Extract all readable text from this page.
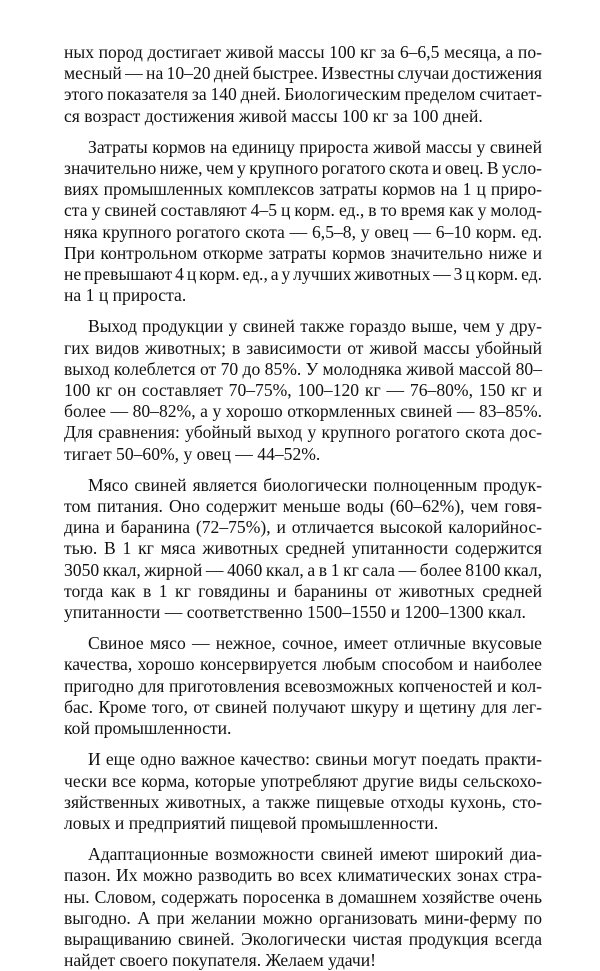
ных пород достигает живой массы 100 кг за 6–6,5 месяца, а по-
месный — на 10–20 дней быстрее. Известны случаи достижения
этого показателя за 140 дней. Биологическим пределом считает-
ся возраст достижения живой массы 100 кг за 100 дней.
Затраты кормов на единицу прироста живой массы у свиней
значительно ниже, чем у крупного рогатого скота и овец. В усло-
виях промышленных комплексов затраты кормов на 1 ц приро-
ста у свиней составляют 4–5 ц корм. ед., в то время как у молод-
няка крупного рогатого скота — 6,5–8, у овец — 6–10 корм. ед.
При контрольном откорме затраты кормов значительно ниже и
не превышают 4 ц корм. ед., а у лучших животных — 3 ц корм. ед.
на 1 ц прироста.
Выход продукции у свиней также гораздо выше, чем у дру-
гих видов животных; в зависимости от живой массы убойный
выход колеблется от 70 до 85%. У молодняка живой массой 80–
100 кг он составляет 70–75%, 100–120 кг — 76–80%, 150 кг и
более — 80–82%, а у хорошо откормленных свиней — 83–85%.
Для сравнения: убойный выход у крупного рогатого скота дос-
тигает 50–60%, у овец — 44–52%.
Мясо свиней является биологически полноценным продук-
том питания. Оно содержит меньше воды (60–62%), чем говя-
дина и баранина (72–75%), и отличается высокой калорийнос-
тью. В 1 кг мяса животных средней упитанности содержится
3050 ккал, жирной — 4060 ккал, а в 1 кг сала — более 8100 ккал,
тогда как в 1 кг говядины и баранины от животных средней
упитанности — соответственно 1500–1550 и 1200–1300 ккал.
Свиное мясо — нежное, сочное, имеет отличные вкусовые
качества, хорошо консервируется любым способом и наиболее
пригодно для приготовления всевозможных копченостей и кол-
бас. Кроме того, от свиней получают шкуру и щетину для лег-
кой промышленности.
И еще одно важное качество: свиньи могут поедать практи-
чески все корма, которые употребляют другие виды сельскохо-
зяйственных животных, а также пищевые отходы кухонь, сто-
ловых и предприятий пищевой промышленности.
Адаптационные возможности свиней имеют широкий диа-
пазон. Их можно разводить во всех климатических зонах стра-
ны. Словом, содержать поросенка в домашнем хозяйстве очень
выгодно. А при желании можно организовать мини-ферму по
выращиванию свиней. Экологически чистая продукция всегда
найдет своего покупателя. Желаем удачи!
